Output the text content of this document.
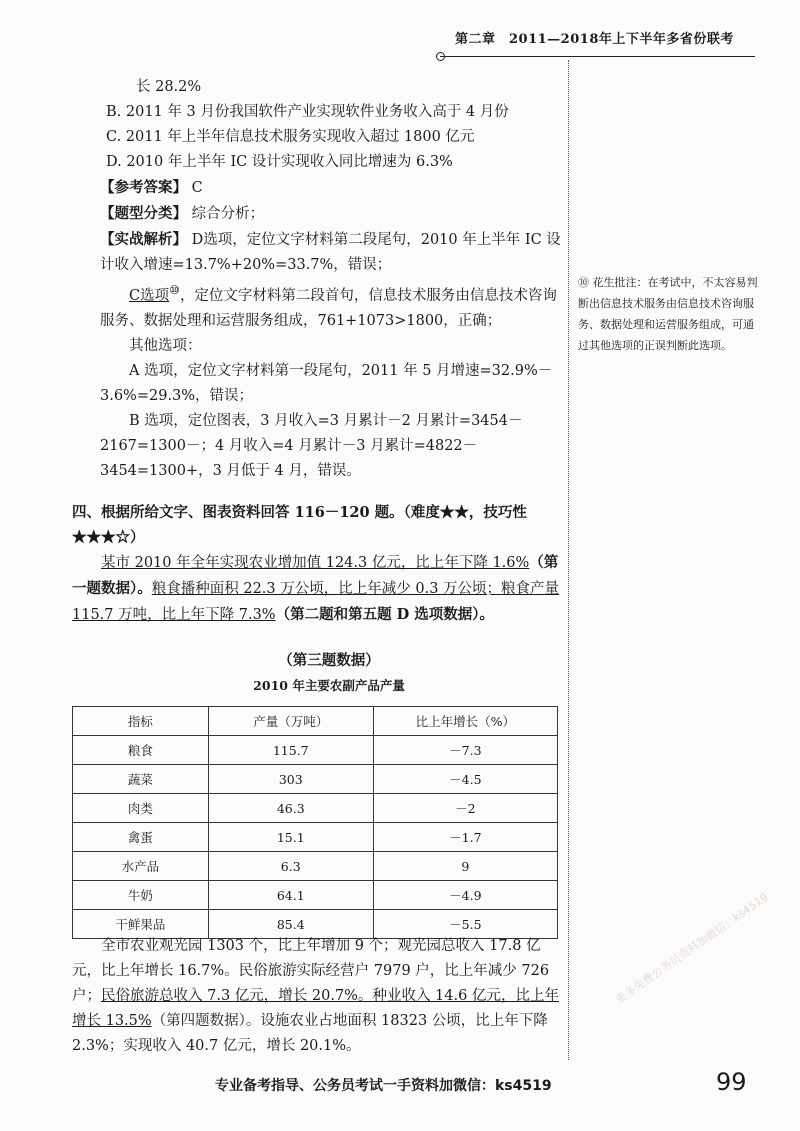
第二章　2011—2018年上下半年多省份联考

长 28.2%

B. 2011 年 3 月份我国软件产业实现软件业务收入高于 4 月份

C. 2011 年上半年信息技术服务实现收入超过 1800 亿元

D. 2010 年上半年 IC 设计实现收入同比增速为 6.3%

【参考答案】 C

【题型分类】 综合分析；

【实战解析】 D选项，定位文字材料第二段尾句，2010 年上半年 IC 设计收入增速=13.7%+20%=33.7%，错误；

C选项⑩，定位文字材料第二段首句，信息技术服务由信息技术咨询服务、数据处理和运营服务组成，761+1073>1800，正确；

其他选项：

A 选项，定位文字材料第一段尾句，2011 年 5 月增速=32.9%－3.6%=29.3%，错误；

B 选项，定位图表，3 月收入=3 月累计－2 月累计=3454－2167=1300－；4 月收入=4 月累计－3 月累计=4822－3454=1300+，3 月低于 4 月，错误。

⑩ 花生批注：在考试中，不太容易判断出信息技术服务由信息技术咨询服务、数据处理和运营服务组成，可通过其他选项的正误判断此选项。

四、根据所给文字、图表资料回答 116－120 题。（难度★★，技巧性★★★☆）

某市 2010 年全年实现农业增加值 124.3 亿元，比上年下降 1.6%（第一题数据）。粮食播种面积 22.3 万公顷，比上年减少 0.3 万公顷；粮食产量 115.7 万吨，比上年下降 7.3%（第二题和第五题 D 选项数据）。

（第三题数据）
2010 年主要农副产品产量
指标	产量（万吨）	比上年增长（%）
粮食	115.7	－7.3
蔬菜	303	－4.5
肉类	46.3	－2
禽蛋	15.1	－1.7
水产品	6.3	9
牛奶	64.1	－4.9
干鲜果品	85.4	－5.5

全市农业观光园 1303 个，比上年增加 9 个；观光园总收入 17.8 亿元，比上年增长 16.7%。民俗旅游实际经营户 7979 户，比上年减少 726 户；民俗旅游总收入 7.3 亿元，增长 20.7%。种业收入 14.6 亿元，比上年增长 13.5%（第四题数据）。设施农业占地面积 18323 公顷，比上年下降 2.3%；实现收入 40.7 亿元，增长 20.1%。

更多免费公务员资料加微信：ks4519
专业备考指导、公务员考试一手资料加微信：ks4519	99
